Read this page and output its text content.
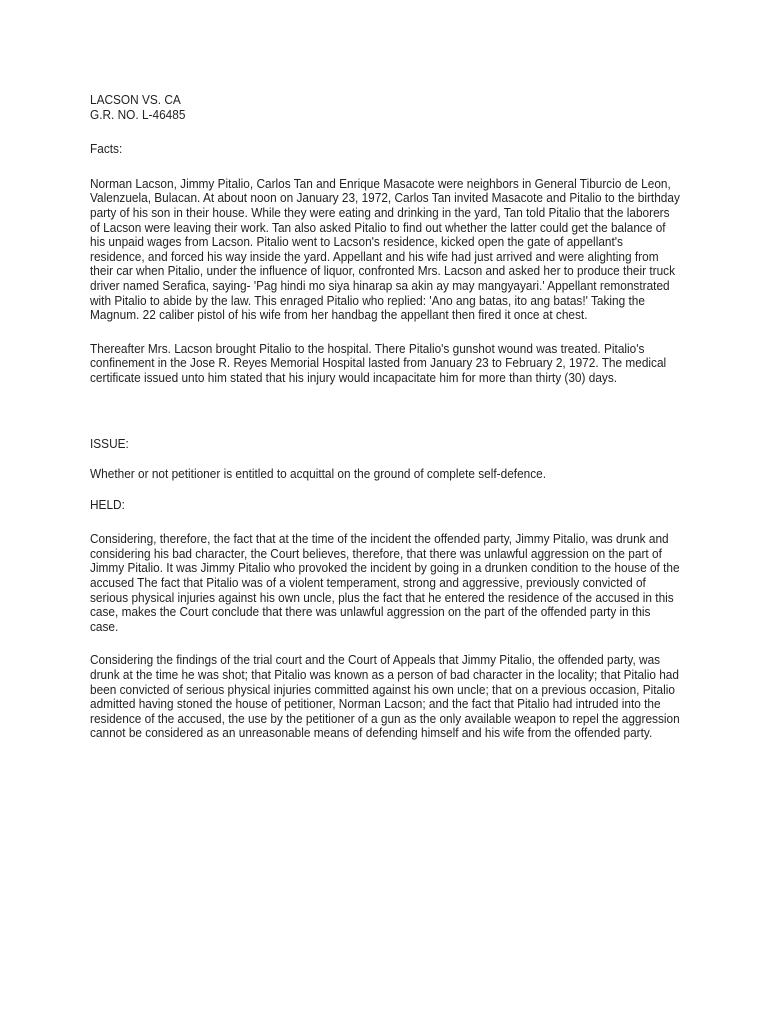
LACSON VS. CA
G.R. NO. L-46485
Facts:

Norman Lacson, Jimmy Pitalio, Carlos Tan and Enrique Masacote were neighbors in General Tiburcio de Leon, Valenzuela, Bulacan. At about noon on January 23, 1972, Carlos Tan invited Masacote and Pitalio to the birthday party of his son in their house. While they were eating and drinking in the yard, Tan told Pitalio that the laborers of Lacson were leaving their work. Tan also asked Pitalio to find out whether the latter could get the balance of his unpaid wages from Lacson. Pitalio went to Lacson's residence, kicked open the gate of appellant's residence, and forced his way inside the yard. Appellant and his wife had just arrived and were alighting from their car when Pitalio, under the influence of liquor, confronted Mrs. Lacson and asked her to produce their truck driver named Serafica, saying- 'Pag hindi mo siya hinarap sa akin ay may mangyayari.' Appellant remonstrated with Pitalio to abide by the law. This enraged Pitalio who replied: 'Ano ang batas, ito ang batas!' Taking the Magnum. 22 caliber pistol of his wife from her handbag the appellant then fired it once at chest.

Thereafter Mrs. Lacson brought Pitalio to the hospital. There Pitalio's gunshot wound was treated. Pitalio's confinement in the Jose R. Reyes Memorial Hospital lasted from January 23 to February 2, 1972. The medical certificate issued unto him stated that his injury would incapacitate him for more than thirty (30) days.

ISSUE:

Whether or not petitioner is entitled to acquittal on the ground of complete self-defence.

HELD:

Considering, therefore, the fact that at the time of the incident the offended party, Jimmy Pitalio, was drunk and considering his bad character, the Court believes, therefore, that there was unlawful aggression on the part of Jimmy Pitalio. It was Jimmy Pitalio who provoked the incident by going in a drunken condition to the house of the accused The fact that Pitalio was of a violent temperament, strong and aggressive, previously convicted of serious physical injuries against his own uncle, plus the fact that he entered the residence of the accused in this case, makes the Court conclude that there was unlawful aggression on the part of the offended party in this case.

Considering the findings of the trial court and the Court of Appeals that Jimmy Pitalio, the offended party, was drunk at the time he was shot; that Pitalio was known as a person of bad character in the locality; that Pitalio had been convicted of serious physical injuries committed against his own uncle; that on a previous occasion, Pitalio admitted having stoned the house of petitioner, Norman Lacson; and the fact that Pitalio had intruded into the residence of the accused, the use by the petitioner of a gun as the only available weapon to repel the aggression cannot be considered as an unreasonable means of defending himself and his wife from the offended party.
